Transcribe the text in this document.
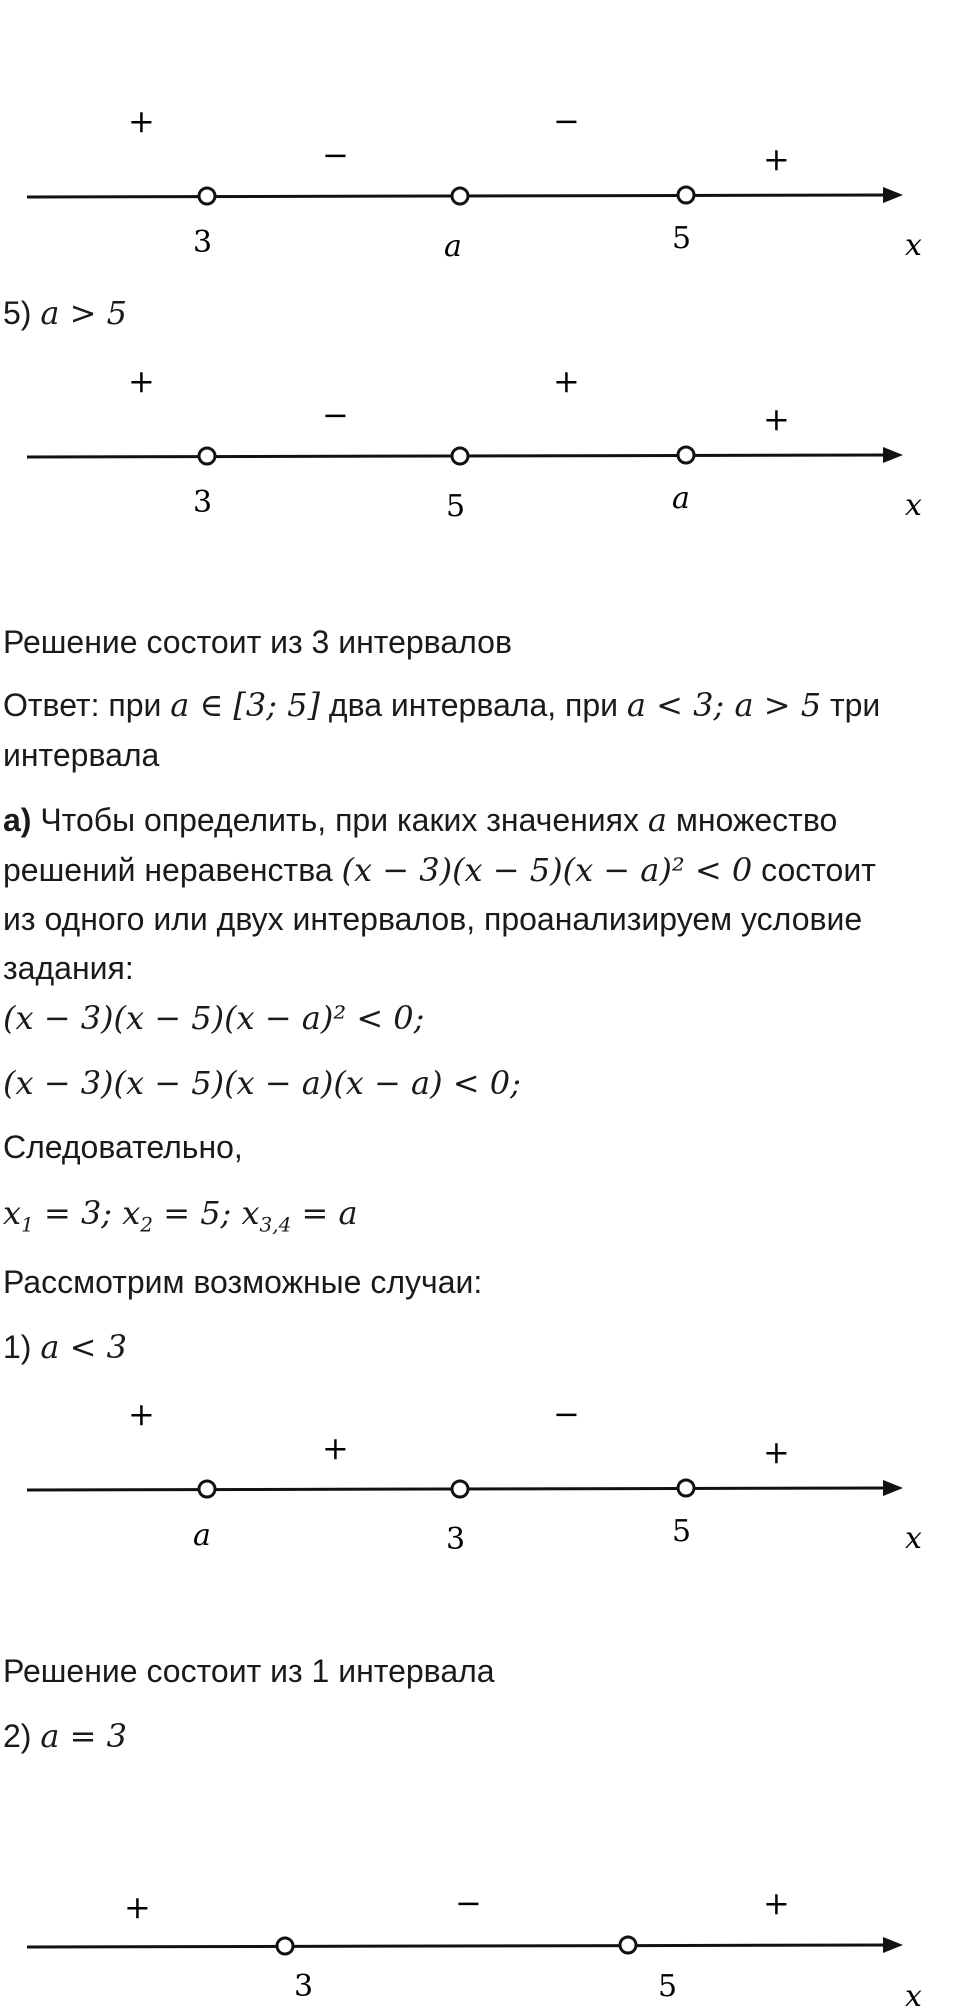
+
−
−
+
3	a	5	x
5) a > 5
+
−
+
+
3	5	a	x
Решение состоит из 3 интервалов
Ответ: при a ∈ [3; 5] два интервала, при a < 3; a > 5 три
интервала
а) Чтобы определить, при каких значениях a множество
решений неравенства (x − 3)(x − 5)(x − a)² < 0 состоит
из одного или двух интервалов, проанализируем условие
задания:
(x − 3)(x − 5)(x − a)² < 0;
(x − 3)(x − 5)(x − a)(x − a) < 0;
Следовательно,
$x_1 = 3$; $x_2 = 5$; $x_{3,4} = a$
Рассмотрим возможные случаи:
1) a < 3
+
+
−
+
a	3	5	x
Решение состоит из 1 интервала
2) a = 3
+	−	+
3	5	x
